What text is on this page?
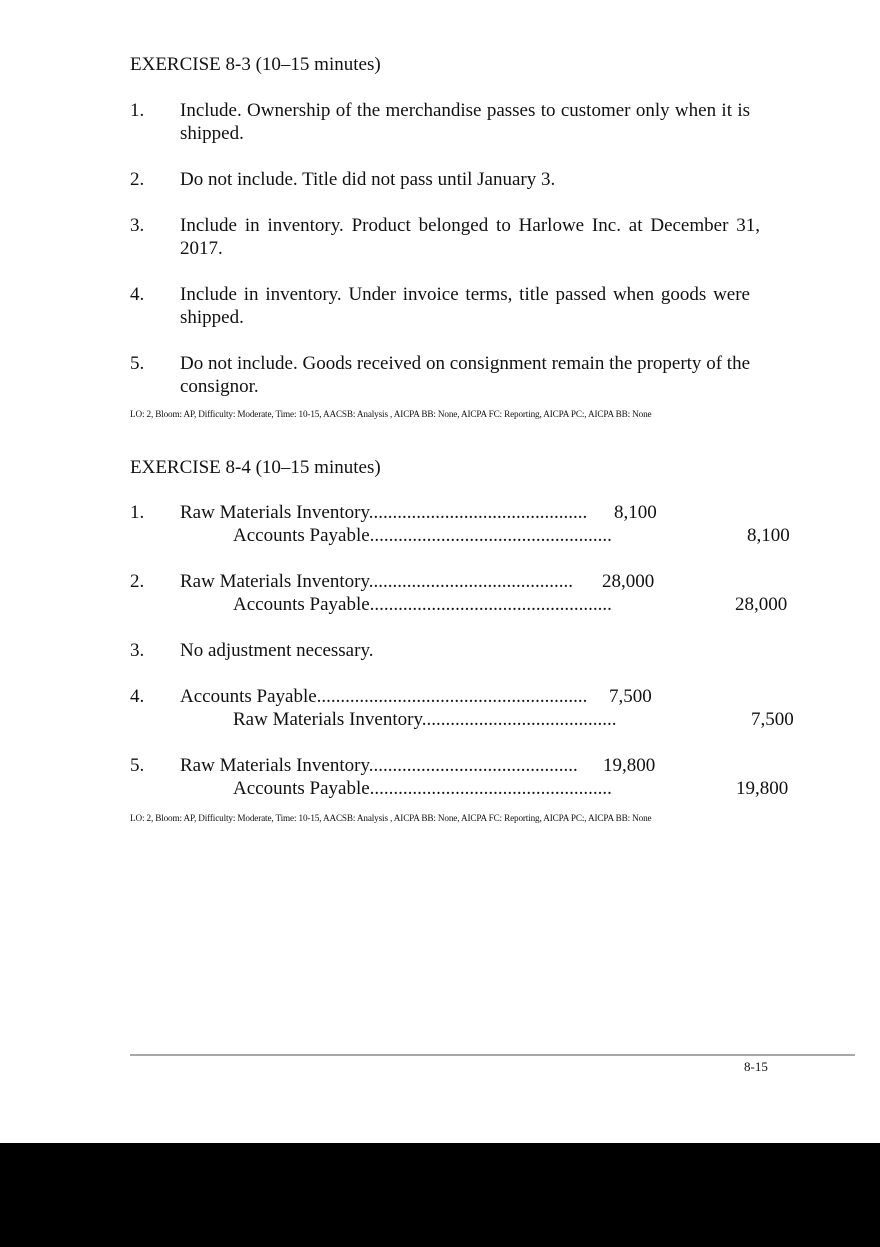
EXERCISE 8-3 (10–15 minutes)
1. Include. Ownership of the merchandise passes to customer only when it is shipped.
2. Do not include. Title did not pass until January 3.
3. Include in inventory. Product belonged to Harlowe Inc. at December 31, 2017.
4. Include in inventory. Under invoice terms, title passed when goods were shipped.
5. Do not include. Goods received on consignment remain the property of the consignor.
LO: 2, Bloom: AP, Difficulty: Moderate, Time: 10-15, AACSB: Analysis , AICPA BB: None, AICPA FC: Reporting, AICPA PC:, AICPA BB: None
EXERCISE 8-4 (10–15 minutes)
1. Raw Materials Inventory.............................................. 8,100
Accounts Payable...................................................	8,100
2. Raw Materials Inventory........................................... 28,000
Accounts Payable...................................................	28,000
3. No adjustment necessary.
4. Accounts Payable......................................................... 7,500
Raw Materials Inventory.........................................	7,500
5. Raw Materials Inventory............................................ 19,800
Accounts Payable...................................................	19,800
LO: 2, Bloom: AP, Difficulty: Moderate, Time: 10-15, AACSB: Analysis , AICPA BB: None, AICPA FC: Reporting, AICPA PC:, AICPA BB: None
8-15
